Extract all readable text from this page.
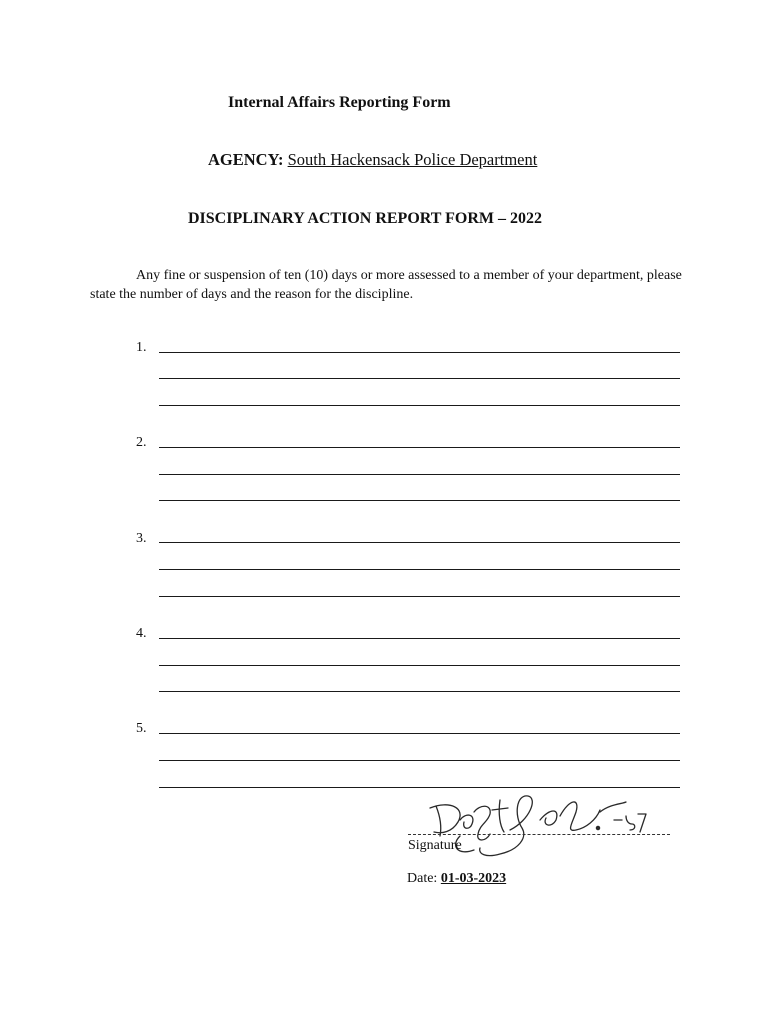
Internal Affairs Reporting Form
AGENCY: South Hackensack Police Department
DISCIPLINARY ACTION REPORT FORM – 2022
Any fine or suspension of ten (10) days or more assessed to a member of your department, please state the number of days and the reason for the discipline.
1.
2.
3.
4.
5.
Signature
Date: 01-03-2023
